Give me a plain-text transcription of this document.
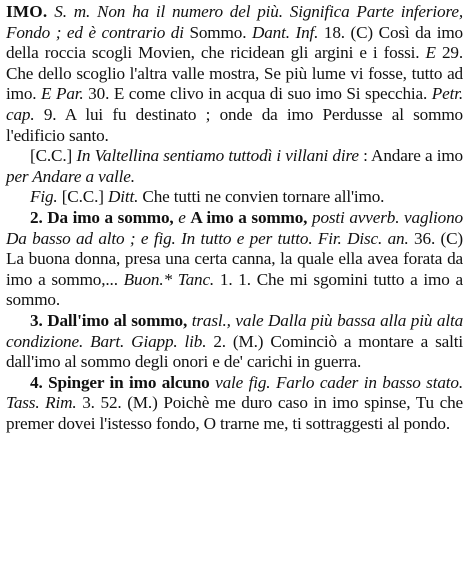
IMO. S. m. Non ha il numero del più. Significa Parte inferiore, Fondo ; ed è contrario di Sommo. Dant. Inf. 18. (C) Così da imo della roccia scogli Movien, che ricidean gli argini e i fossi. E 29. Che dello scoglio l'altra valle mostra, Se più lume vi fosse, tutto ad imo. E Par. 30. E come clivo in acqua di suo imo Si specchia. Petr. cap. 9. A lui fu destinato ; onde da imo Perdusse al sommo l'edificio santo.

[C.C.] In Valtellina sentiamo tuttodì i villani dire : Andare a imo per Andare a valle.

Fig. [C.C.] Ditt. Che tutti ne convien tornare all'imo.

2. Da imo a sommo, e A imo a sommo, posti avverb. vagliono Da basso ad alto ; e fig. In tutto e per tutto. Fir. Disc. an. 36. (C) La buona donna, presa una certa canna, la quale ella avea forata da imo a sommo,... Buon.* Tanc. 1. 1. Che mi sgomini tutto a imo a sommo.

3. Dall'imo al sommo, trasl., vale Dalla più bassa alla più alta condizione. Bart. Giapp. lib. 2. (M.) Cominciò a montare a salti dall'imo al sommo degli onori e de' carichi in guerra.

4. Spinger in imo alcuno vale fig. Farlo cader in basso stato. Tass. Rim. 3. 52. (M.) Poichè me duro caso in imo spinse, Tu che premer dovei l'istesso fondo, O trarne me, ti sottraggesti al pondo.
